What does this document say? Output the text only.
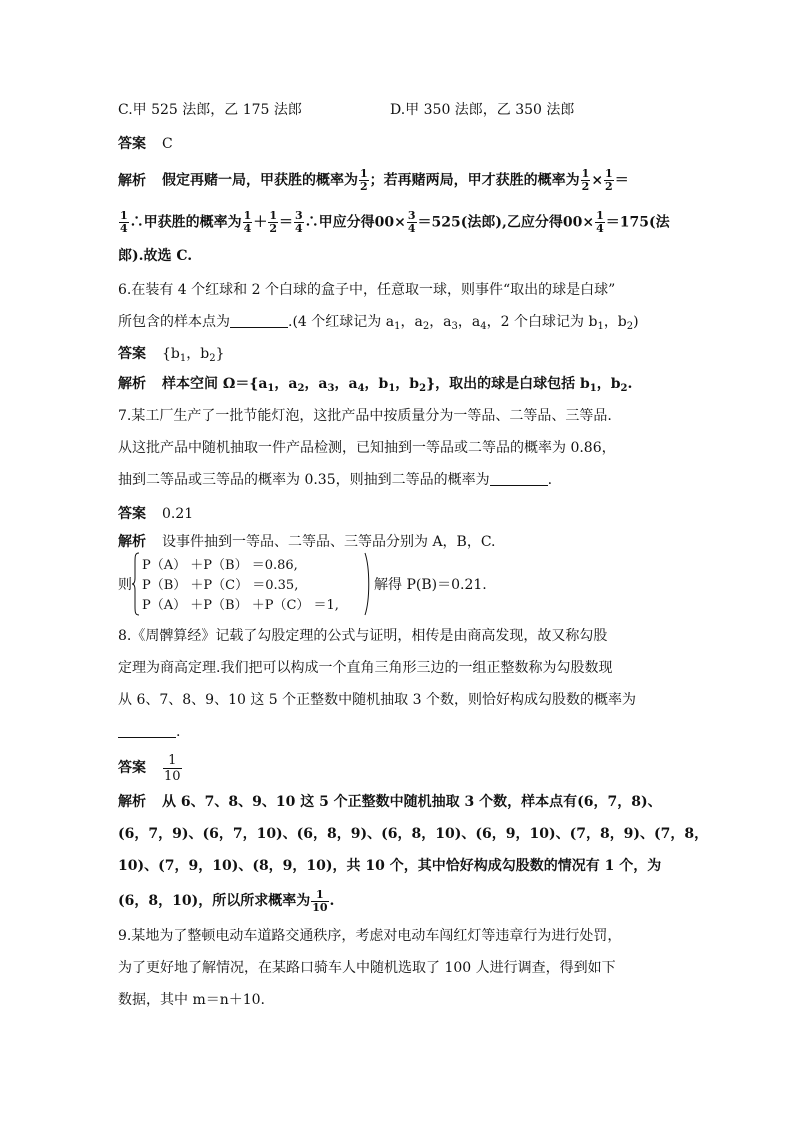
C.甲 525 法郎，乙 175 法郎	D.甲 350 法郎，乙 350 法郎
答案 C
解析 假定再赌一局，甲获胜的概率为 $\frac{1}{2}$ ；若再赌两局，甲才获胜的概率为 $\frac{1}{2} \times \frac{1}{2}$ ＝
$\frac{1}{4}$ ∴甲获胜的概率为 $\frac{1}{4} + \frac{1}{2} = \frac{3}{4}$ ∴甲应分得$00\times \frac{3}{4} =525$(法郎),乙应分得$00\times \frac{1}{4} =175$(法
郎).故选 C.
6.在装有 4 个红球和 2 个白球的盒子中，任意取一球，则事件“取出的球是白球”
所包含的样本点为	.(4 个红球记为 $a_1$，$a_2$，$a_3$，$a_4$，2 个白球记为 $b_1$，$b_2$)
答案 {$b_1$，$b_2$}
解析 样本空间 $\Omega=\{a_1$，$a_2$，$a_3$，$a_4$，$b_1$，$b_2$}，取出的球是白球包括 $b_1$，$b_2$.
7.某工厂生产了一批节能灯泡，这批产品中按质量分为一等品、二等品、三等品.
从这批产品中随机抽取一件产品检测，已知抽到一等品或二等品的概率为 0.86，
抽到二等品或三等品的概率为 0.35，则抽到二等品的概率为	.
答案 0.21
解析 设事件抽到一等品、二等品、三等品分别为 A，B，C.
则
P（A） ＋P（B） ＝0.86,
P（B） ＋P（C） ＝0.35,
P（A） ＋P（B） ＋P（C） ＝1,
解得 P(B)＝0.21.
8.《周髀算经》记载了勾股定理的公式与证明，相传是由商高发现，故又称勾股
定理为商高定理.我们把可以构成一个直角三角形三边的一组正整数称为勾股数现
从 6、7、8、9、10 这 5 个正整数中随机抽取 3 个数，则恰好构成勾股数的概率为
.
答案 $\frac{1}{10}$
解析 从 6、7、8、9、10 这 5 个正整数中随机抽取 3 个数，样本点有(6，7，8)、
(6，7，9)、(6，7，10)、(6，8，9)、(6，8，10)、(6，9，10)、(7，8，9)、(7，8，
10)、(7，9，10)、(8，9，10)，共 10 个，其中恰好构成勾股数的情况有 1 个，为
(6，8，10)，所以所求概率为 $\frac{1}{10}$ .
9.某地为了整顿电动车道路交通秩序，考虑对电动车闯红灯等违章行为进行处罚，
为了更好地了解情况，在某路口骑车人中随机选取了 100 人进行调查，得到如下
数据，其中 m＝n＋10.
